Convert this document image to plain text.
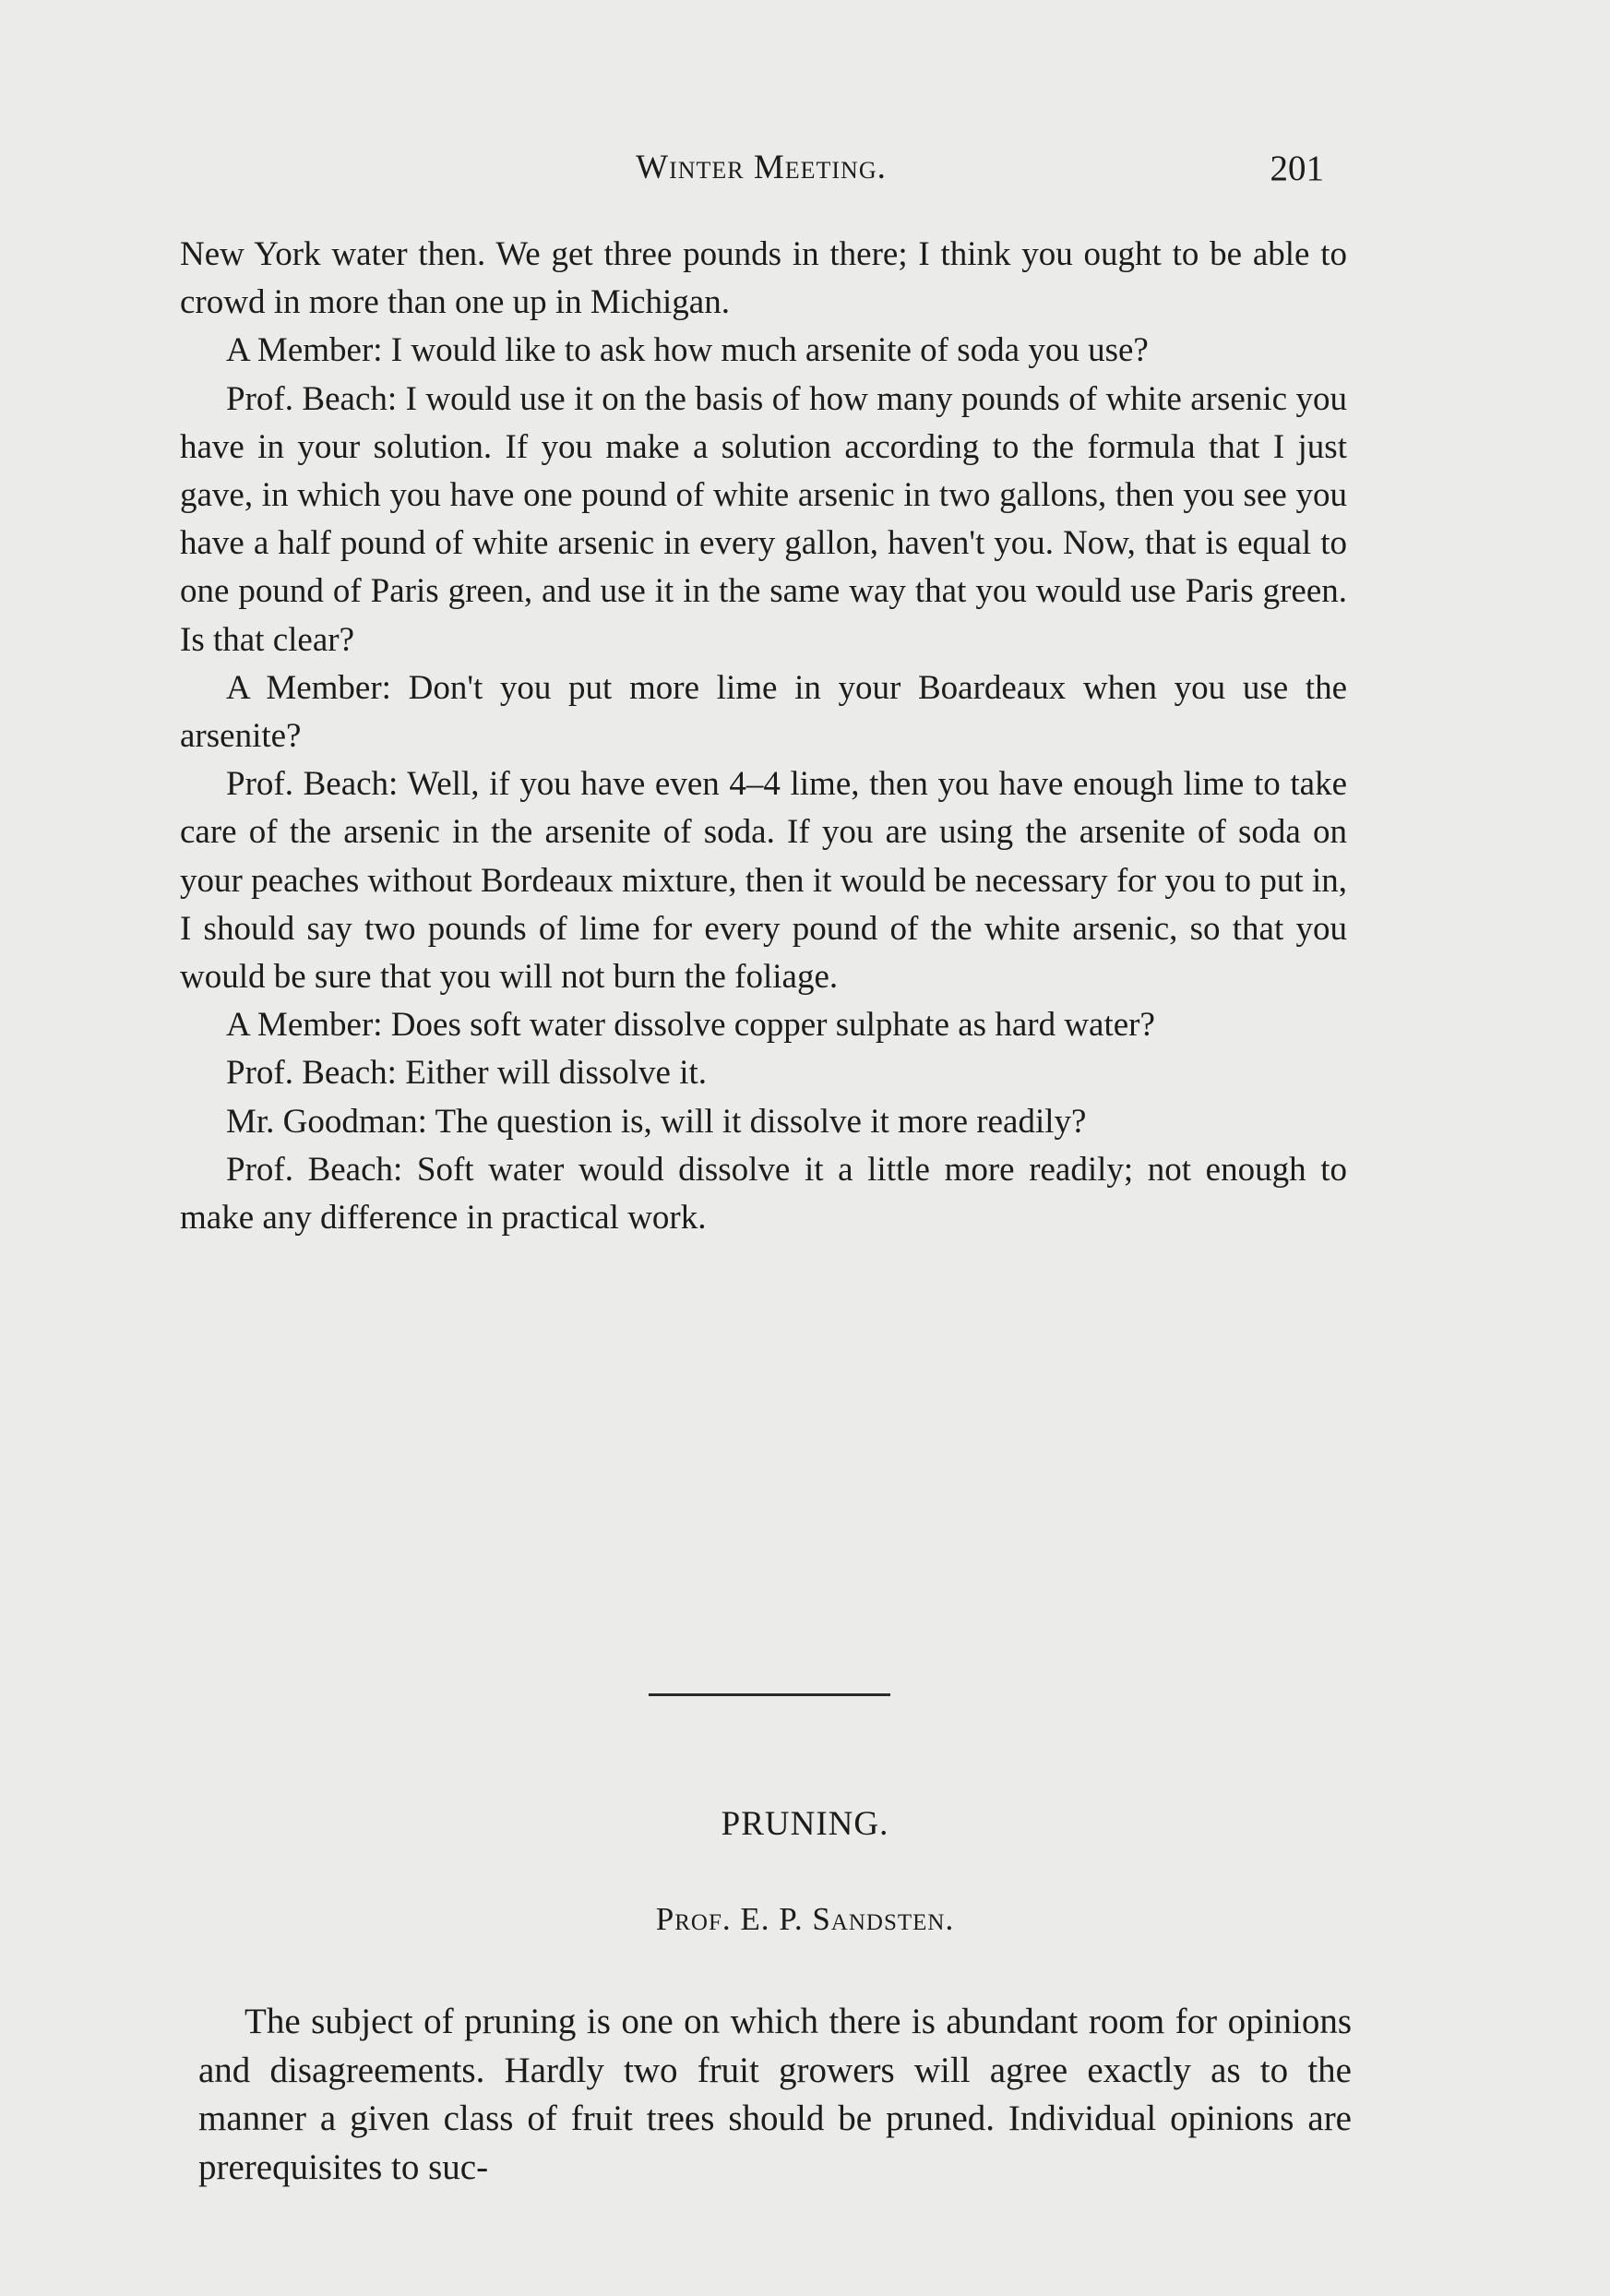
Winter Meeting.	201

New York water then. We get three pounds in there; I think you ought to be able to crowd in more than one up in Michigan.

A Member: I would like to ask how much arsenite of soda you use?

Prof. Beach: I would use it on the basis of how many pounds of white arsenic you have in your solution. If you make a solution according to the formula that I just gave, in which you have one pound of white arsenic in two gallons, then you see you have a half pound of white arsenic in every gallon, haven't you. Now, that is equal to one pound of Paris green, and use it in the same way that you would use Paris green. Is that clear?

A Member: Don't you put more lime in your Boardeaux when you use the arsenite?

Prof. Beach: Well, if you have even 4–4 lime, then you have enough lime to take care of the arsenic in the arsenite of soda. If you are using the arsenite of soda on your peaches without Bordeaux mixture, then it would be necessary for you to put in, I should say two pounds of lime for every pound of the white arsenic, so that you would be sure that you will not burn the foliage.

A Member: Does soft water dissolve copper sulphate as hard water?

Prof. Beach: Either will dissolve it.

Mr. Goodman: The question is, will it dissolve it more readily?

Prof. Beach: Soft water would dissolve it a little more readily; not enough to make any difference in practical work.

PRUNING.
Prof. E. P. Sandsten.

The subject of pruning is one on which there is abundant room for opinions and disagreements. Hardly two fruit growers will agree exactly as to the manner a given class of fruit trees should be pruned. Individual opinions are prerequisites to suc-
